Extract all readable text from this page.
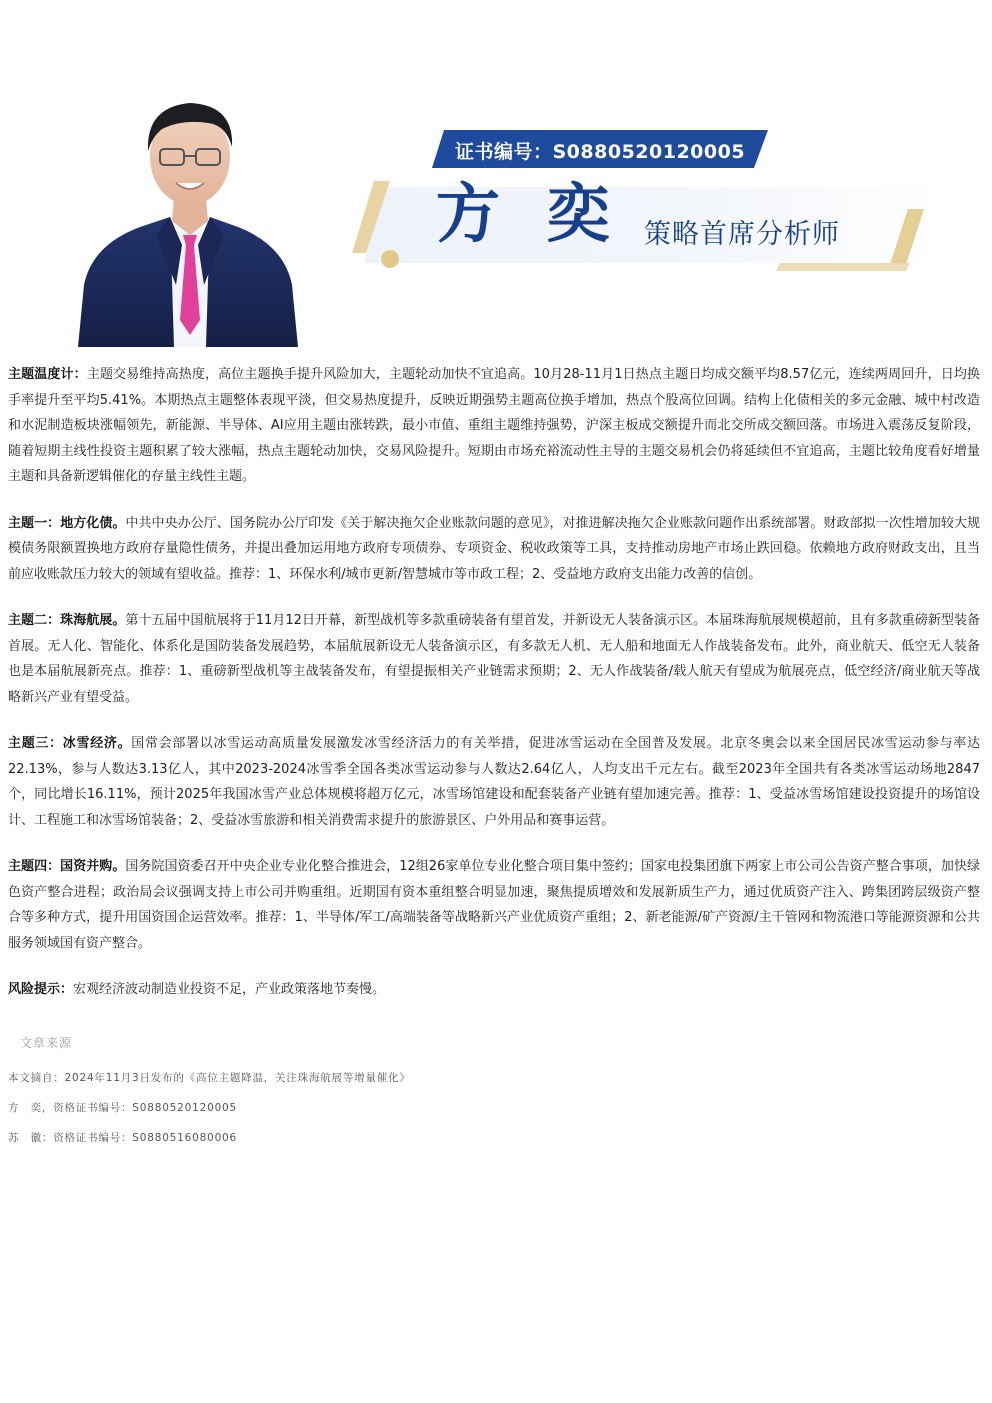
证书编号：S0880520120005
方 奕 策略首席分析师

主题温度计：主题交易维持高热度，高位主题换手提升风险加大，主题轮动加快不宜追高。10月28-11月1日热点主题日均成交额平均8.57亿元，连续两周回升，日均换手率提升至平均5.41%。本期热点主题整体表现平淡，但交易热度提升，反映近期强势主题高位换手增加，热点个股高位回调。结构上化债相关的多元金融、城中村改造和水泥制造板块涨幅领先，新能源、半导体、AI应用主题由涨转跌，最小市值、重组主题维持强势，沪深主板成交额提升而北交所成交额回落。市场进入震荡反复阶段，随着短期主线性投资主题积累了较大涨幅，热点主题轮动加快，交易风险提升。短期由市场充裕流动性主导的主题交易机会仍将延续但不宜追高，主题比较角度看好增量主题和具备新逻辑催化的存量主线性主题。

主题一：地方化债。中共中央办公厅、国务院办公厅印发《关于解决拖欠企业账款问题的意见》，对推进解决拖欠企业账款问题作出系统部署。财政部拟一次性增加较大规模债务限额置换地方政府存量隐性债务，并提出叠加运用地方政府专项债券、专项资金、税收政策等工具，支持推动房地产市场止跌回稳。依赖地方政府财政支出，且当前应收账款压力较大的领域有望收益。推荐：1、环保水利/城市更新/智慧城市等市政工程；2、受益地方政府支出能力改善的信创。

主题二：珠海航展。第十五届中国航展将于11月12日开幕，新型战机等多款重磅装备有望首发，并新设无人装备演示区。本届珠海航展规模超前，且有多款重磅新型装备首展。无人化、智能化、体系化是国防装备发展趋势，本届航展新设无人装备演示区，有多款无人机、无人船和地面无人作战装备发布。此外，商业航天、低空无人装备也是本届航展新亮点。推荐：1、重磅新型战机等主战装备发布，有望提振相关产业链需求预期；2、无人作战装备/载人航天有望成为航展亮点，低空经济/商业航天等战略新兴产业有望受益。

主题三：冰雪经济。国常会部署以冰雪运动高质量发展激发冰雪经济活力的有关举措，促进冰雪运动在全国普及发展。北京冬奥会以来全国居民冰雪运动参与率达22.13%，参与人数达3.13亿人，其中2023-2024冰雪季全国各类冰雪运动参与人数达2.64亿人，人均支出千元左右。截至2023年全国共有各类冰雪运动场地2847个，同比增长16.11%，预计2025年我国冰雪产业总体规模将超万亿元，冰雪场馆建设和配套装备产业链有望加速完善。推荐：1、受益冰雪场馆建设投资提升的场馆设计、工程施工和冰雪场馆装备；2、受益冰雪旅游和相关消费需求提升的旅游景区、户外用品和赛事运营。

主题四：国资并购。国务院国资委召开中央企业专业化整合推进会，12组26家单位专业化整合项目集中签约；国家电投集团旗下两家上市公司公告资产整合事项，加快绿色资产整合进程；政治局会议强调支持上市公司并购重组。近期国有资本重组整合明显加速，聚焦提质增效和发展新质生产力，通过优质资产注入、跨集团跨层级资产整合等多种方式，提升用国资国企运营效率。推荐：1、半导体/军工/高端装备等战略新兴产业优质资产重组；2、新老能源/矿产资源/主干管网和物流港口等能源资源和公共服务领域国有资产整合。

风险提示：宏观经济波动制造业投资不足，产业政策落地节奏慢。

文章来源
本文摘自：2024年11月3日发布的《高位主题降温，关注珠海航展等增量催化》
方　奕，资格证书编号：S0880520120005
苏　徽：资格证书编号：S0880516080006
